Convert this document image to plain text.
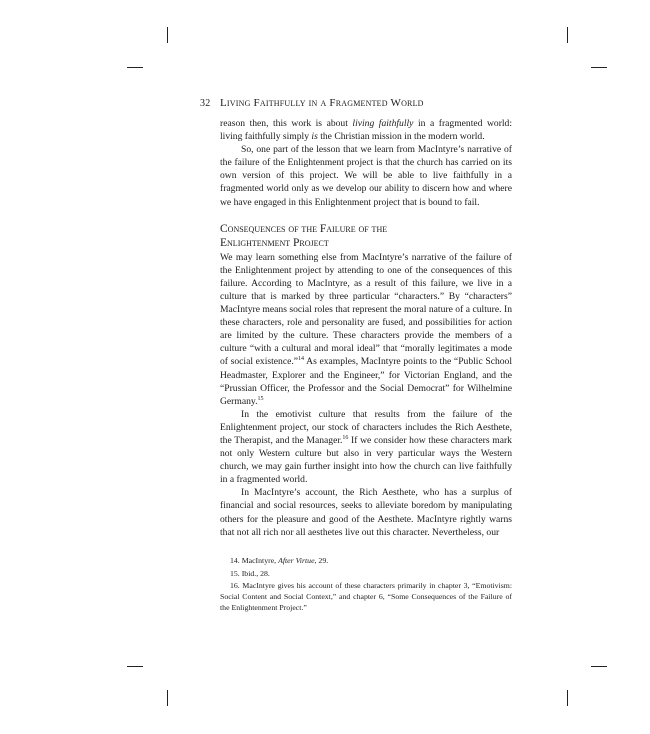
32 Living Faithfully in a Fragmented World

reason then, this work is about living faithfully in a fragmented world: living faithfully simply is the Christian mission in the modern world.

So, one part of the lesson that we learn from MacIntyre’s narrative of the failure of the Enlightenment project is that the church has carried on its own version of this project. We will be able to live faithfully in a fragmented world only as we develop our ability to discern how and where we have engaged in this Enlightenment project that is bound to fail.

Consequences of the Failure of the
Enlightenment Project

We may learn something else from MacIntyre’s narrative of the failure of the Enlightenment project by attending to one of the consequences of this failure. According to MacIntyre, as a result of this failure, we live in a culture that is marked by three particular “characters.” By “characters” MacIntyre means social roles that represent the moral nature of a culture. In these characters, role and personality are fused, and possibilities for action are limited by the culture. These characters provide the members of a culture “with a cultural and moral ideal” that “morally legitimates a mode of social existence.”$^{14}$ As examples, MacIntyre points to the “Public School Headmaster, Explorer and the Engineer,” for Victorian England, and the “Prussian Officer, the Professor and the Social Democrat” for Wilhelmine Germany.$^{15}$

In the emotivist culture that results from the failure of the Enlightenment project, our stock of characters includes the Rich Aesthete, the Therapist, and the Manager.$^{16}$ If we consider how these characters mark not only Western culture but also in very particular ways the Western church, we may gain further insight into how the church can live faithfully in a fragmented world.

In MacIntyre’s account, the Rich Aesthete, who has a surplus of financial and social resources, seeks to alleviate boredom by manipulating others for the pleasure and good of the Aesthete. MacIntyre rightly warns that not all rich nor all aesthetes live out this character. Nevertheless, our

14. MacIntyre, After Virtue, 29.

15. Ibid., 28.

16. MacIntyre gives his account of these characters primarily in chapter 3, “Emotivism: Social Content and Social Context,” and chapter 6, “Some Consequences of the Failure of the Enlightenment Project.”
